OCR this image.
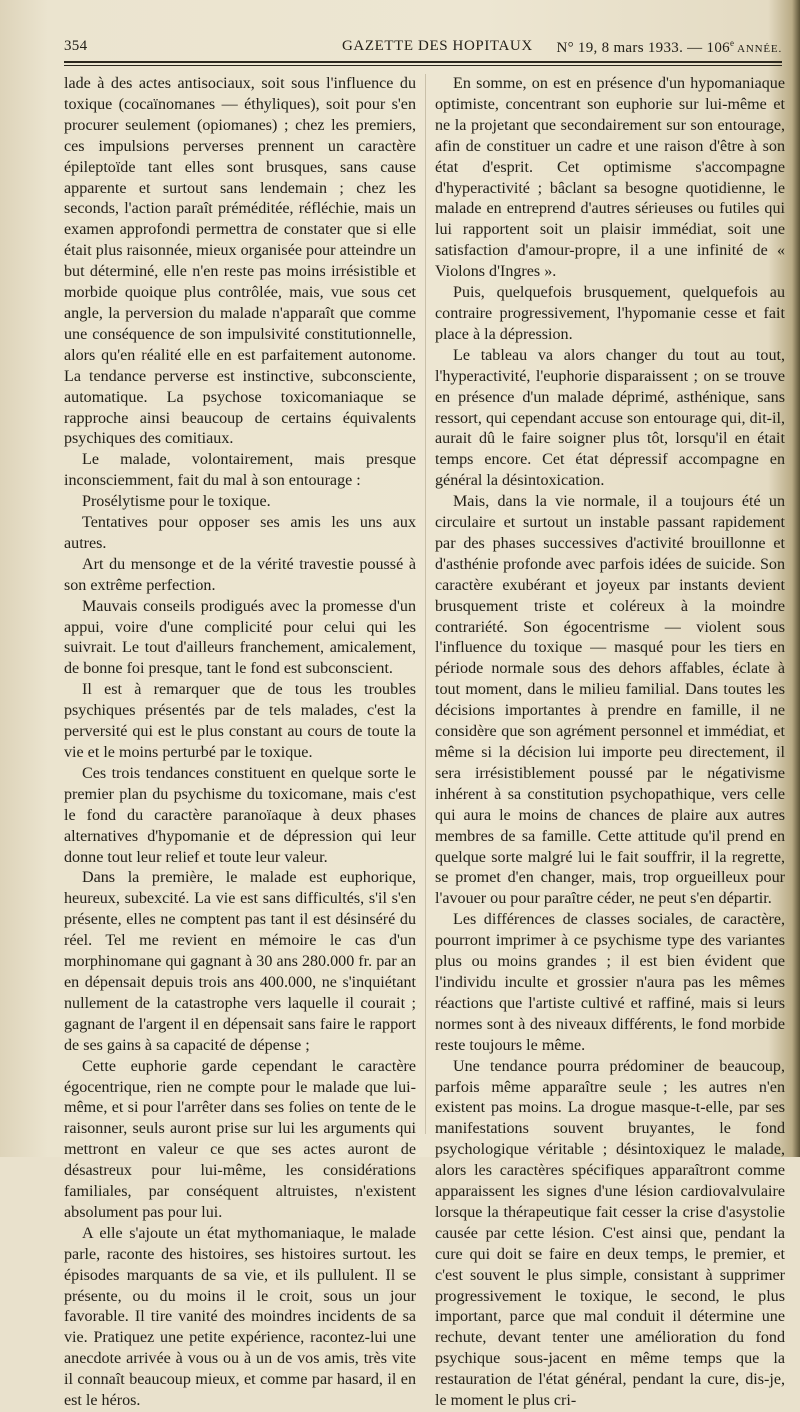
354	GAZETTE DES HOPITAUX N° 19, 8 mars 1933. — 106e ANNÉE.

lade à des actes antisociaux, soit sous l'influence du toxique (cocaïnomanes — éthyliques), soit pour s'en procurer seulement (opiomanes) ; chez les premiers, ces impulsions perverses prennent un caractère épileptoïde tant elles sont brusques, sans cause apparente et surtout sans lendemain ; chez les seconds, l'action paraît préméditée, réfléchie, mais un examen approfondi permettra de constater que si elle était plus raisonnée, mieux organisée pour atteindre un but déterminé, elle n'en reste pas moins irrésistible et morbide quoique plus contrôlée, mais, vue sous cet angle, la perversion du malade n'apparaît que comme une conséquence de son impulsivité constitutionnelle, alors qu'en réalité elle en est parfaitement autonome. La tendance perverse est instinctive, subconsciente, automatique. La psychose toxicomaniaque se rapproche ainsi beaucoup de certains équivalents psychiques des comitiaux.

Le malade, volontairement, mais presque inconsciemment, fait du mal à son entourage :

Prosélytisme pour le toxique.

Tentatives pour opposer ses amis les uns aux autres.

Art du mensonge et de la vérité travestie poussé à son extrême perfection.

Mauvais conseils prodigués avec la promesse d'un appui, voire d'une complicité pour celui qui les suivrait. Le tout d'ailleurs franchement, amicalement, de bonne foi presque, tant le fond est subconscient.

Il est à remarquer que de tous les troubles psychiques présentés par de tels malades, c'est la perversité qui est le plus constant au cours de toute la vie et le moins perturbé par le toxique.

Ces trois tendances constituent en quelque sorte le premier plan du psychisme du toxicomane, mais c'est le fond du caractère paranoïaque à deux phases alternatives d'hypomanie et de dépression qui leur donne tout leur relief et toute leur valeur.

Dans la première, le malade est euphorique, heureux, subexcité. La vie est sans difficultés, s'il s'en présente, elles ne comptent pas tant il est désinséré du réel. Tel me revient en mémoire le cas d'un morphinomane qui gagnant à 30 ans 280.000 fr. par an en dépensait depuis trois ans 400.000, ne s'inquiétant nullement de la catastrophe vers laquelle il courait ; gagnant de l'argent il en dépensait sans faire le rapport de ses gains à sa capacité de dépense ;

Cette euphorie garde cependant le caractère égocentrique, rien ne compte pour le malade que lui-même, et si pour l'arrêter dans ses folies on tente de le raisonner, seuls auront prise sur lui les arguments qui mettront en valeur ce que ses actes auront de désastreux pour lui-même, les considérations familiales, par conséquent altruistes, n'existent absolument pas pour lui.

A elle s'ajoute un état mythomaniaque, le malade parle, raconte des histoires, ses histoires surtout. les épisodes marquants de sa vie, et ils pullulent. Il se présente, ou du moins il le croit, sous un jour favorable. Il tire vanité des moindres incidents de sa vie. Pratiquez une petite expérience, racontez-lui une anecdote arrivée à vous ou à un de vos amis, très vite il connaît beaucoup mieux, et comme par hasard, il en est le héros.

En somme, on est en présence d'un hypomaniaque optimiste, concentrant son euphorie sur lui-même et ne la projetant que secondairement sur son entourage, afin de constituer un cadre et une raison d'être à son état d'esprit. Cet optimisme s'accompagne d'hyperactivité ; bâclant sa besogne quotidienne, le malade en entreprend d'autres sérieuses ou futiles qui lui rapportent soit un plaisir immédiat, soit une satisfaction d'amour-propre, il a une infinité de « Violons d'Ingres ».

Puis, quelquefois brusquement, quelquefois au contraire progressivement, l'hypomanie cesse et fait place à la dépression.

Le tableau va alors changer du tout au tout, l'hyperactivité, l'euphorie disparaissent ; on se trouve en présence d'un malade déprimé, asthénique, sans ressort, qui cependant accuse son entourage qui, dit-il, aurait dû le faire soigner plus tôt, lorsqu'il en était temps encore. Cet état dépressif accompagne en général la désintoxication.

Mais, dans la vie normale, il a toujours été un circulaire et surtout un instable passant rapidement par des phases successives d'activité brouillonne et d'asthénie profonde avec parfois idées de suicide. Son caractère exubérant et joyeux par instants devient brusquement triste et coléreux à la moindre contrariété. Son égocentrisme — violent sous l'influence du toxique — masqué pour les tiers en période normale sous des dehors affables, éclate à tout moment, dans le milieu familial. Dans toutes les décisions importantes à prendre en famille, il ne considère que son agrément personnel et immédiat, et même si la décision lui importe peu directement, il sera irrésistiblement poussé par le négativisme inhérent à sa constitution psychopathique, vers celle qui aura le moins de chances de plaire aux autres membres de sa famille. Cette attitude qu'il prend en quelque sorte malgré lui le fait souffrir, il la regrette, se promet d'en changer, mais, trop orgueilleux pour l'avouer ou pour paraître céder, ne peut s'en départir.

Les différences de classes sociales, de caractère, pourront imprimer à ce psychisme type des variantes plus ou moins grandes ; il est bien évident que l'individu inculte et grossier n'aura pas les mêmes réactions que l'artiste cultivé et raffiné, mais si leurs normes sont à des niveaux différents, le fond morbide reste toujours le même.

Une tendance pourra prédominer de beaucoup, parfois même apparaître seule ; les autres n'en existent pas moins. La drogue masque-t-elle, par ses manifestations souvent bruyantes, le fond psychologique véritable ; désintoxiquez le malade, alors les caractères spécifiques apparaîtront comme apparaissent les signes d'une lésion cardiovalvulaire lorsque la thérapeutique fait cesser la crise d'asystolie causée par cette lésion. C'est ainsi que, pendant la cure qui doit se faire en deux temps, le premier, et c'est souvent le plus simple, consistant à supprimer progressivement le toxique, le second, le plus important, parce que mal conduit il détermine une rechute, devant tenter une amélioration du fond psychique sous-jacent en même temps que la restauration de l'état général, pendant la cure, dis-je, le moment le plus cri-
